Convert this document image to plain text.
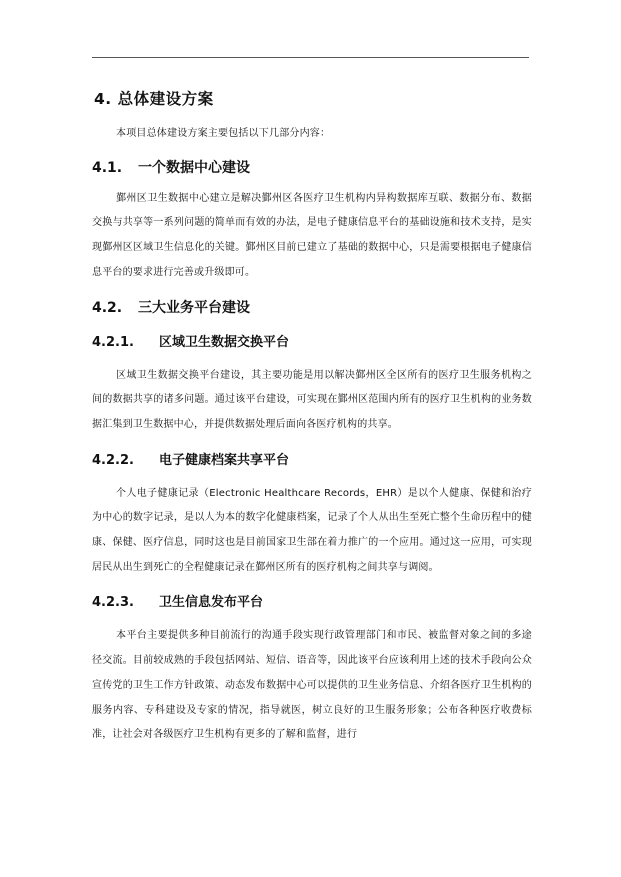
4. 总体建设方案

本项目总体建设方案主要包括以下几部分内容：

4.1. 一个数据中心建设

鄞州区卫生数据中心建立是解决鄞州区各医疗卫生机构内异构数据库互联、数据分布、数据交换与共享等一系列问题的简单而有效的办法，是电子健康信息平台的基础设施和技术支持，是实现鄞州区区域卫生信息化的关键。鄞州区目前已建立了基础的数据中心，只是需要根据电子健康信息平台的要求进行完善或升级即可。

4.2. 三大业务平台建设
4.2.1. 区域卫生数据交换平台

区域卫生数据交换平台建设，其主要功能是用以解决鄞州区全区所有的医疗卫生服务机构之间的数据共享的诸多问题。通过该平台建设，可实现在鄞州区范围内所有的医疗卫生机构的业务数据汇集到卫生数据中心，并提供数据处理后面向各医疗机构的共享。

4.2.2. 电子健康档案共享平台

个人电子健康记录（Electronic Healthcare Records，EHR）是以个人健康、保健和治疗为中心的数字记录，是以人为本的数字化健康档案，记录了个人从出生至死亡整个生命历程中的健康、保健、医疗信息，同时这也是目前国家卫生部在着力推广的一个应用。通过这一应用，可实现居民从出生到死亡的全程健康记录在鄞州区所有的医疗机构之间共享与调阅。

4.2.3. 卫生信息发布平台

本平台主要提供多种目前流行的沟通手段实现行政管理部门和市民、被监督对象之间的多途径交流。目前较成熟的手段包括网站、短信、语音等，因此该平台应该利用上述的技术手段向公众宣传党的卫生工作方针政策、动态发布数据中心可以提供的卫生业务信息、介绍各医疗卫生机构的服务内容、专科建设及专家的情况，指导就医，树立良好的卫生服务形象；公布各种医疗收费标准，让社会对各级医疗卫生机构有更多的了解和监督，进行
